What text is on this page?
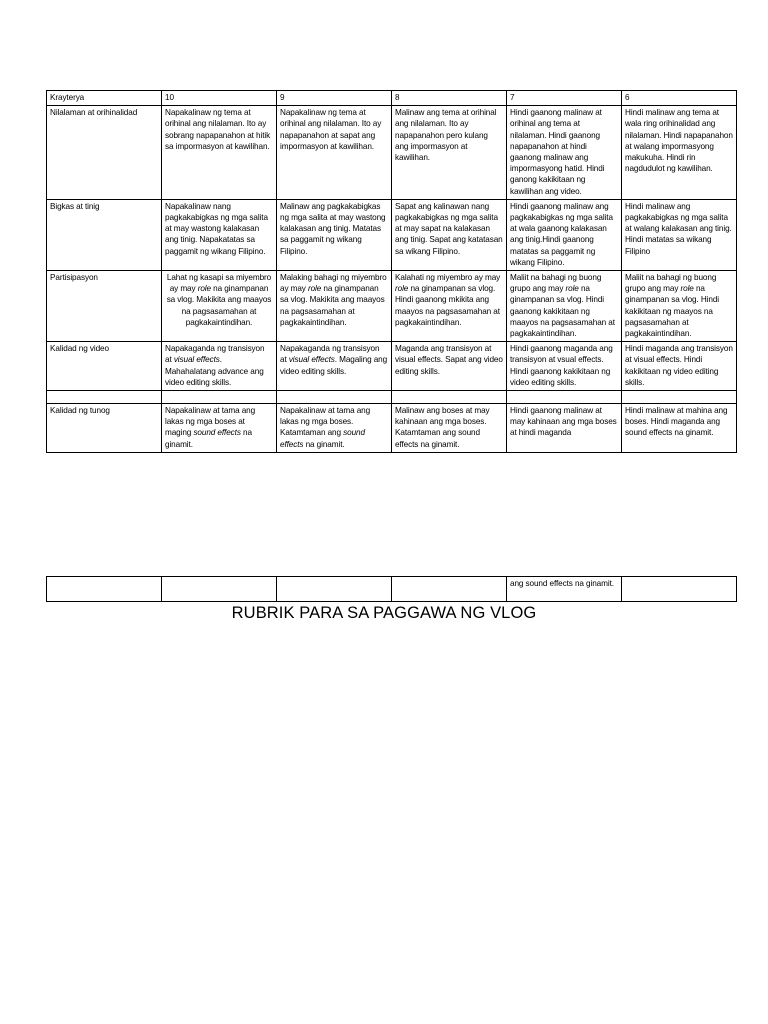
Krayterya	10	9	8	7	6
Nilalaman at orihinalidad	Napakalinaw ng tema at orihinal ang nilalaman. Ito ay sobrang napapanahon at hitik sa impormasyon at kawilihan.	Napakalinaw ng tema at orihinal ang nilalaman. Ito ay napapanahon at sapat ang impormasyon at kawilihan.	Malinaw ang tema at orihinal ang nilalaman. Ito ay napapanahon pero kulang ang impormasyon at kawilihan.	Hindi gaanong malinaw at orihinal ang tema at nilalaman. Hindi gaanong napapanahon at hindi gaanong malinaw ang impormasyong hatid. Hindi ganong kakikitaan ng kawilihan ang video.	Hindi malinaw ang tema at wala ring orihinalidad ang nilalaman. Hindi napapanahon at walang impormasyong makukuha. Hindi rin nagdudulot ng kawilihan.
Bigkas at tinig	Napakalinaw nang pagkakabigkas ng mga salita at may wastong kalakasan ang tinig. Napakatatas sa paggamit ng wikang Filipino.	Malinaw ang pagkakabigkas ng mga salita at may wastong kalakasan ang tinig. Matatas sa paggamit ng wikang Filipino.	Sapat ang kalinawan nang pagkakabigkas ng mga salita at may sapat na kalakasan ang tinig. Sapat ang katatasan sa wikang Filipino.	Hindi gaanong malinaw ang pagkakabigkas ng mga salita at wala gaanong kalakasan ang tinig.Hindi gaanong matatas sa paggamit ng wikang Filipino.	Hindi malinaw ang pagkakabigkas ng mga salita at walang kalakasan ang tinig. Hindi matatas sa wikang Filipino
Partisipasyon	Lahat ng kasapi sa miyembro ay may role na ginampanan sa vlog. Makikita ang maayos na pagsasamahan at pagkakaintindihan.	Malaking bahagi ng miyembro ay may role na ginampanan sa vlog. Makikita ang maayos na pagsasamahan at pagkakaintindihan.	Kalahati ng miyembro ay may role na ginampanan sa vlog. Hindi gaanong mkikita ang maayos na pagsasamahan at pagkakaintindihan.	Maliit na bahagi ng buong grupo ang may role na ginampanan sa vlog. Hindi gaanong kakikitaan ng maayos na pagsasamahan at pagkakaintindihan.	Maliit na bahagi ng buong grupo ang may role na ginampanan sa vlog. Hindi kakikitaan ng maayos na pagsasamahan at pagkakaintindihan.
Kalidad ng video	Napakaganda ng transisyon at visual effects. Mahahalatang advance ang video editing skills.	Napakaganda ng transisyon at visual effects. Magaling ang video editing skills.	Maganda ang transisyon at visual effects. Sapat ang video editing skills.	Hindi gaanong maganda ang transisyon at vsual effects. Hindi gaanong kakikitaan ng video editing skills.	Hindi maganda ang transisyon at visual effects. Hindi kakikitaan ng video editing skills.

Kalidad ng tunog	Napakalinaw at tama ang lakas ng mga boses at maging sound effects na ginamit.	Napakalinaw at tama ang lakas ng mga boses. Katamtaman ang sound effects na ginamit.	Malinaw ang boses at may kahinaan ang mga boses. Katamtaman ang sound effects na ginamit.	Hindi gaanong malinaw at may kahinaan ang mga boses at hindi maganda	Hindi malinaw at mahina ang boses. Hindi maganda ang sound effects na ginamit.
				ang sound effects na ginamit.	
RUBRIK PARA SA PAGGAWA NG VLOG
